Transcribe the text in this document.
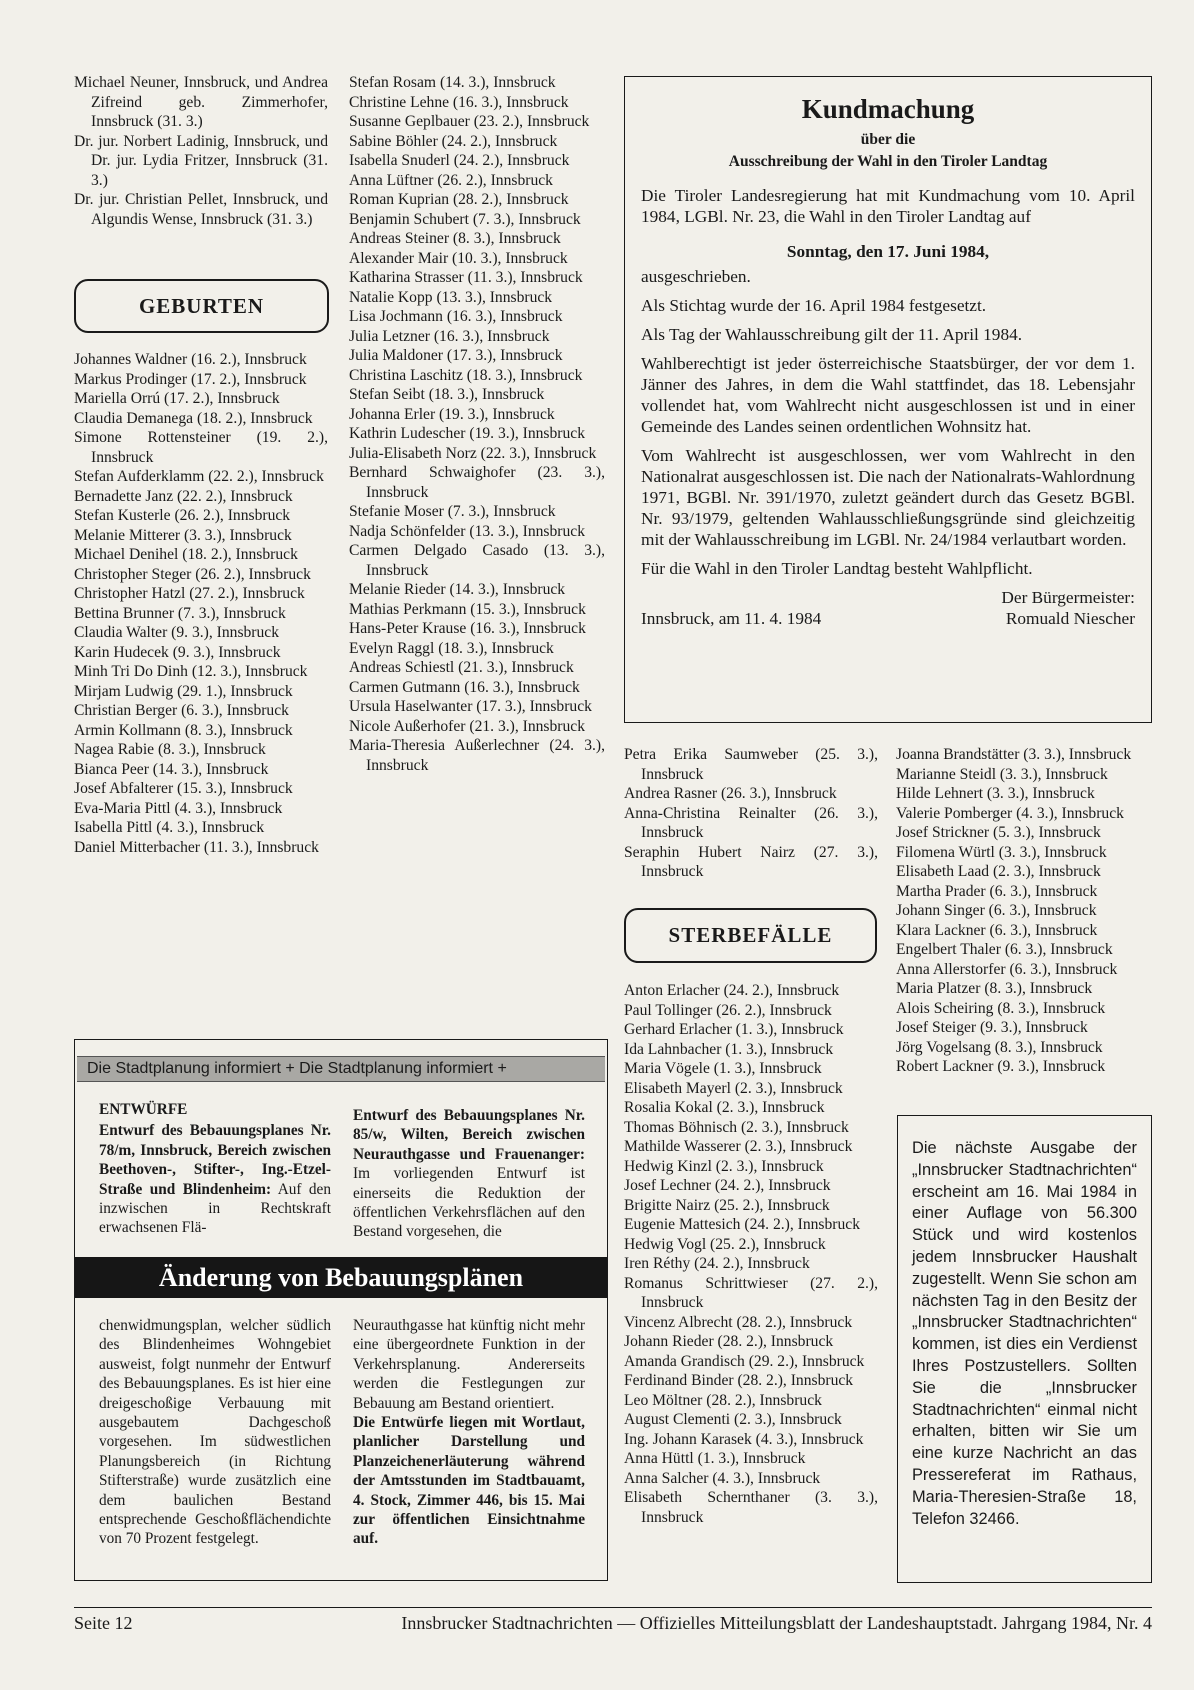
Michael Neuner, Innsbruck, und Andrea Zifreind geb. Zimmerhofer, Innsbruck (31. 3.)
Dr. jur. Norbert Ladinig, Innsbruck, und Dr. jur. Lydia Fritzer, Innsbruck (31. 3.)
Dr. jur. Christian Pellet, Innsbruck, und Algundis Wense, Innsbruck (31. 3.)
GEBURTEN
Johannes Waldner (16. 2.), Innsbruck
Markus Prodinger (17. 2.), Innsbruck
Mariella Orrú (17. 2.), Innsbruck
Claudia Demanega (18. 2.), Innsbruck
Simone Rottensteiner (19. 2.), Innsbruck
Stefan Aufderklamm (22. 2.), Innsbruck
Bernadette Janz (22. 2.), Innsbruck
Stefan Kusterle (26. 2.), Innsbruck
Melanie Mitterer (3. 3.), Innsbruck
Michael Denihel (18. 2.), Innsbruck
Christopher Steger (26. 2.), Innsbruck
Christopher Hatzl (27. 2.), Innsbruck
Bettina Brunner (7. 3.), Innsbruck
Claudia Walter (9. 3.), Innsbruck
Karin Hudecek (9. 3.), Innsbruck
Minh Tri Do Dinh (12. 3.), Innsbruck
Mirjam Ludwig (29. 1.), Innsbruck
Christian Berger (6. 3.), Innsbruck
Armin Kollmann (8. 3.), Innsbruck
Nagea Rabie (8. 3.), Innsbruck
Bianca Peer (14. 3.), Innsbruck
Josef Abfalterer (15. 3.), Innsbruck
Eva-Maria Pittl (4. 3.), Innsbruck
Isabella Pittl (4. 3.), Innsbruck
Daniel Mitterbacher (11. 3.), Innsbruck
Stefan Rosam (14. 3.), Innsbruck
Christine Lehne (16. 3.), Innsbruck
Susanne Geplbauer (23. 2.), Innsbruck
Sabine Böhler (24. 2.), Innsbruck
Isabella Snuderl (24. 2.), Innsbruck
Anna Lüftner (26. 2.), Innsbruck
Roman Kuprian (28. 2.), Innsbruck
Benjamin Schubert (7. 3.), Innsbruck
Andreas Steiner (8. 3.), Innsbruck
Alexander Mair (10. 3.), Innsbruck
Katharina Strasser (11. 3.), Innsbruck
Natalie Kopp (13. 3.), Innsbruck
Lisa Jochmann (16. 3.), Innsbruck
Julia Letzner (16. 3.), Innsbruck
Julia Maldoner (17. 3.), Innsbruck
Christina Laschitz (18. 3.), Innsbruck
Stefan Seibt (18. 3.), Innsbruck
Johanna Erler (19. 3.), Innsbruck
Kathrin Ludescher (19. 3.), Innsbruck
Julia-Elisabeth Norz (22. 3.), Innsbruck
Bernhard Schwaighofer (23. 3.), Innsbruck
Stefanie Moser (7. 3.), Innsbruck
Nadja Schönfelder (13. 3.), Innsbruck
Carmen Delgado Casado (13. 3.), Innsbruck
Melanie Rieder (14. 3.), Innsbruck
Mathias Perkmann (15. 3.), Innsbruck
Hans-Peter Krause (16. 3.), Innsbruck
Evelyn Raggl (18. 3.), Innsbruck
Andreas Schiestl (21. 3.), Innsbruck
Carmen Gutmann (16. 3.), Innsbruck
Ursula Haselwanter (17. 3.), Innsbruck
Nicole Außerhofer (21. 3.), Innsbruck
Maria-Theresia Außerlechner (24. 3.), Innsbruck
Kundmachung
über die
Ausschreibung der Wahl in den Tiroler Landtag

Die Tiroler Landesregierung hat mit Kundmachung vom 10. April 1984, LGBl. Nr. 23, die Wahl in den Tiroler Landtag auf

Sonntag, den 17. Juni 1984,

ausgeschrieben.

Als Stichtag wurde der 16. April 1984 festgesetzt.

Als Tag der Wahlausschreibung gilt der 11. April 1984.

Wahlberechtigt ist jeder österreichische Staatsbürger, der vor dem 1. Jänner des Jahres, in dem die Wahl stattfindet, das 18. Lebensjahr vollendet hat, vom Wahlrecht nicht ausgeschlossen ist und in einer Gemeinde des Landes seinen ordentlichen Wohnsitz hat.

Vom Wahlrecht ist ausgeschlossen, wer vom Wahlrecht in den Nationalrat ausgeschlossen ist. Die nach der Nationalrats-Wahlordnung 1971, BGBl. Nr. 391/1970, zuletzt geändert durch das Gesetz BGBl. Nr. 93/1979, geltenden Wahlausschließungsgründe sind gleichzeitig mit der Wahlausschreibung im LGBl. Nr. 24/1984 verlautbart worden.

Für die Wahl in den Tiroler Landtag besteht Wahlpflicht.

Innsbruck, am 11. 4. 1984
Der Bürgermeister:
Romuald Niescher
Petra Erika Saumweber (25. 3.), Innsbruck
Andrea Rasner (26. 3.), Innsbruck
Anna-Christina Reinalter (26. 3.), Innsbruck
Seraphin Hubert Nairz (27. 3.), Innsbruck
STERBEFÄLLE
Anton Erlacher (24. 2.), Innsbruck
Paul Tollinger (26. 2.), Innsbruck
Gerhard Erlacher (1. 3.), Innsbruck
Ida Lahnbacher (1. 3.), Innsbruck
Maria Vögele (1. 3.), Innsbruck
Elisabeth Mayerl (2. 3.), Innsbruck
Rosalia Kokal (2. 3.), Innsbruck
Thomas Böhnisch (2. 3.), Innsbruck
Mathilde Wasserer (2. 3.), Innsbruck
Hedwig Kinzl (2. 3.), Innsbruck
Josef Lechner (24. 2.), Innsbruck
Brigitte Nairz (25. 2.), Innsbruck
Eugenie Mattesich (24. 2.), Innsbruck
Hedwig Vogl (25. 2.), Innsbruck
Iren Réthy (24. 2.), Innsbruck
Romanus Schrittwieser (27. 2.), Innsbruck
Vincenz Albrecht (28. 2.), Innsbruck
Johann Rieder (28. 2.), Innsbruck
Amanda Grandisch (29. 2.), Innsbruck
Ferdinand Binder (28. 2.), Innsbruck
Leo Möltner (28. 2.), Innsbruck
August Clementi (2. 3.), Innsbruck
Ing. Johann Karasek (4. 3.), Innsbruck
Anna Hüttl (1. 3.), Innsbruck
Anna Salcher (4. 3.), Innsbruck
Elisabeth Schernthaner (3. 3.), Innsbruck
Joanna Brandstätter (3. 3.), Innsbruck
Marianne Steidl (3. 3.), Innsbruck
Hilde Lehnert (3. 3.), Innsbruck
Valerie Pomberger (4. 3.), Innsbruck
Josef Strickner (5. 3.), Innsbruck
Filomena Würtl (3. 3.), Innsbruck
Elisabeth Laad (2. 3.), Innsbruck
Martha Prader (6. 3.), Innsbruck
Johann Singer (6. 3.), Innsbruck
Klara Lackner (6. 3.), Innsbruck
Engelbert Thaler (6. 3.), Innsbruck
Anna Allerstorfer (6. 3.), Innsbruck
Maria Platzer (8. 3.), Innsbruck
Alois Scheiring (8. 3.), Innsbruck
Josef Steiger (9. 3.), Innsbruck
Jörg Vogelsang (8. 3.), Innsbruck
Robert Lackner (9. 3.), Innsbruck
Die Stadtplanung informiert + Die Stadtplanung informiert +
ENTWÜRFE
Entwurf des Bebauungsplanes Nr. 78/m, Innsbruck, Bereich zwischen Beethoven-, Stifter-, Ing.-Etzel-Straße und Blindenheim: Auf den inzwischen in Rechtskraft erwachsenen Flä-
Entwurf des Bebauungsplanes Nr. 85/w, Wilten, Bereich zwischen Neurauthgasse und Frauenanger: Im vorliegenden Entwurf ist einerseits die Reduktion der öffentlichen Verkehrsflächen auf den Bestand vorgesehen, die
Änderung von Bebauungsplänen
chenwidmungsplan, welcher südlich des Blindenheimes Wohngebiet ausweist, folgt nunmehr der Entwurf des Bebauungsplanes. Es ist hier eine dreigeschoßige Verbauung mit ausgebautem Dachgeschoß vorgesehen. Im südwestlichen Planungsbereich (in Richtung Stifterstraße) wurde zusätzlich eine dem baulichen Bestand entsprechende Geschoßflächendichte von 70 Prozent festgelegt.
Neurauthgasse hat künftig nicht mehr eine übergeordnete Funktion in der Verkehrsplanung. Andererseits werden die Festlegungen zur Bebauung am Bestand orientiert.
Die Entwürfe liegen mit Wortlaut, planlicher Darstellung und Planzeichenerläuterung während der Amtsstunden im Stadtbauamt, 4. Stock, Zimmer 446, bis 15. Mai zur öffentlichen Einsichtnahme auf.
Die nächste Ausgabe der „Innsbrucker Stadtnachrichten“ erscheint am 16. Mai 1984 in einer Auflage von 56.300 Stück und wird kostenlos jedem Innsbrucker Haushalt zugestellt. Wenn Sie schon am nächsten Tag in den Besitz der „Innsbrucker Stadtnachrichten“ kommen, ist dies ein Verdienst Ihres Postzustellers. Sollten Sie die „Innsbrucker Stadtnachrichten“ einmal nicht erhalten, bitten wir Sie um eine kurze Nachricht an das Pressereferat im Rathaus, Maria-Theresien-Straße 18, Telefon 32466.
Seite 12	Innsbrucker Stadtnachrichten — Offizielles Mitteilungsblatt der Landeshauptstadt. Jahrgang 1984, Nr. 4
